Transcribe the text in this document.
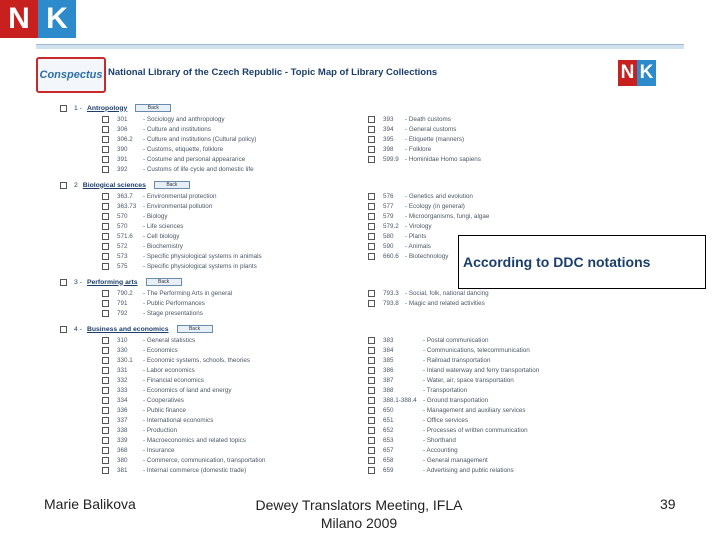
N K
Conspectus National Library of the Czech Republic - Topic Map of Library Collections	N K
1 - Antropology	Back
2 Biological sciences	Back
3 - Performing arts	Back
4 - Business and economics	Back
301	- Sociology and anthropology
306	- Culture and institutions
306.2	- Culture and institutions (Cultural policy)
390	- Customs, etiquette, folklore
391	- Costume and personal appearance
392	- Customs of life cycle and domestic life
363.7	- Environmental protection
363.73	- Environmental pollution
570	- Biology
570	- Life sciences
571.6	- Cell biology
572	- Biochemistry
573	- Specific physiological systems in animals
575	- Specific physiological systems in plants
790.2	- The Performing Arts in general
791	- Public Performances
792	- Stage presentations
310	- General statistics
330	- Economics
330.1	- Economic systems, schools, theories
331	- Labor economics
332	- Financial economics
333	- Economics of land and energy
334	- Cooperatives
336	- Public finance
337	- International economics
338	- Production
339	- Macroeconomics and related topics
368	- Insurance
380	- Commerce, communication, transportation
381	- Internal commerce (domestic trade)
393	- Death customs
394	- General customs
395	- Etiquette (manners)
398	- Folklore
599.9 - Hominidae Homo sapiens
576	- Genetics and evolution
577	- Ecology (in general)
579	- Microorganisms, fungi, algae
579.2 - Virology
580	- Plants
590	- Animals
660.6 - Biotechnology
793.3 - Social, folk, national dancing
793.8 - Magic and related activities
383	- Postal communication
384	- Communications, telecommunication
385	- Railroad transportation
386	- Inland waterway and ferry transportation
387	- Water, air, space transportation
388	- Transportation
388.1-388.4	- Ground transportation
650	- Management and auxiliary services
651	- Office services
652	- Processes of written communication
653	- Shorthand
657	- Accounting
658	- General management
659	- Advertising and public relations
According to DDC notations
Marie Balikova	Dewey Translators Meeting, IFLA
Milano 2009
39
